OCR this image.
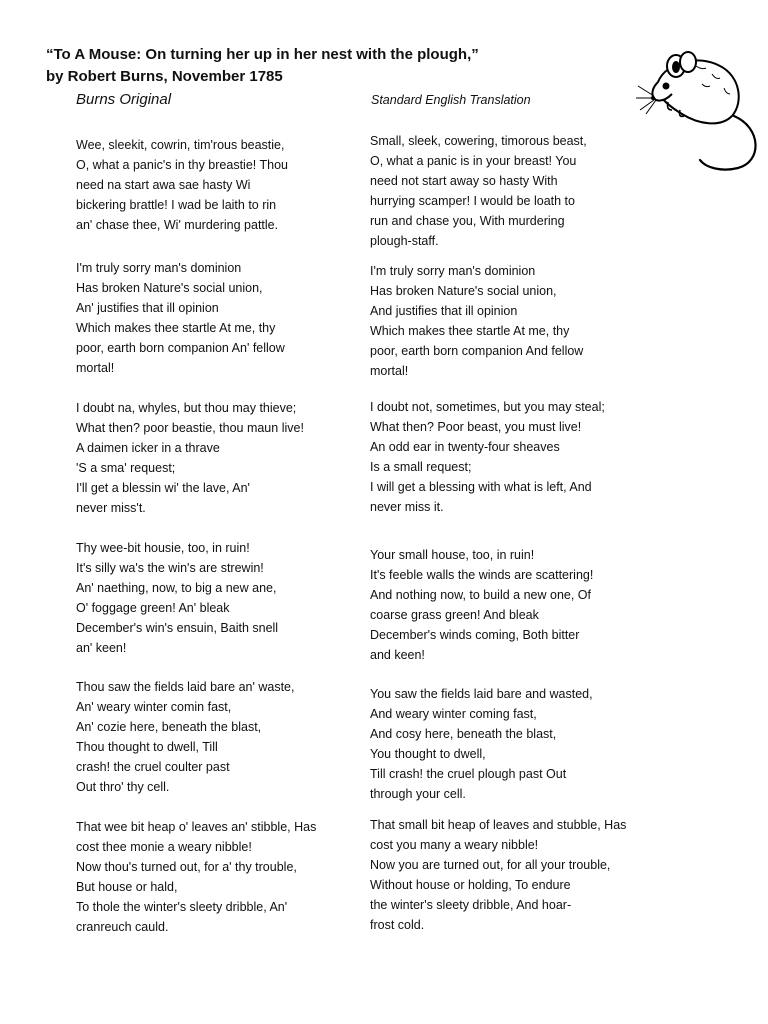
“To A Mouse: On turning her up in her nest with the plough,”
by Robert Burns, November 1785
Burns Original	Standard English Translation
Wee, sleekit, cowrin, tim'rous beastie,
O, what a panic's in thy breastie! Thou
need na start awa sae hasty Wi
bickering brattle! I wad be laith to rin
an' chase thee, Wi' murdering pattle.
I'm truly sorry man's dominion
Has broken Nature's social union,
An' justifies that ill opinion
Which makes thee startle At me, thy
poor, earth born companion An' fellow
mortal!
I doubt na, whyles, but thou may thieve;
What then? poor beastie, thou maun live!
A daimen icker in a thrave
'S a sma' request;
I'll get a blessin wi' the lave, An'
never miss't.
Thy wee-bit housie, too, in ruin!
It's silly wa's the win's are strewin!
An' naething, now, to big a new ane,
O' foggage green! An' bleak
December's win's ensuin, Baith snell
an' keen!
Thou saw the fields laid bare an' waste,
An' weary winter comin fast,
An' cozie here, beneath the blast,
Thou thought to dwell, Till
crash! the cruel coulter past
Out thro' thy cell.
That wee bit heap o' leaves an' stibble, Has
cost thee monie a weary nibble!
Now thou's turned out, for a' thy trouble,
But house or hald,
To thole the winter's sleety dribble, An'
cranreuch cauld.
Small, sleek, cowering, timorous beast,
O, what a panic is in your breast! You
need not start away so hasty With
hurrying scamper! I would be loath to
run and chase you, With murdering
plough-staff.
I'm truly sorry man's dominion
Has broken Nature's social union,
And justifies that ill opinion
Which makes thee startle At me, thy
poor, earth born companion And fellow
mortal!
I doubt not, sometimes, but you may steal;
What then? Poor beast, you must live!
An odd ear in twenty-four sheaves
Is a small request;
I will get a blessing with what is left, And
never miss it.
Your small house, too, in ruin!
It's feeble walls the winds are scattering!
And nothing now, to build a new one, Of
coarse grass green! And bleak
December's winds coming, Both bitter
and keen!
You saw the fields laid bare and wasted,
And weary winter coming fast,
And cosy here, beneath the blast,
You thought to dwell,
Till crash! the cruel plough past Out
through your cell.
That small bit heap of leaves and stubble, Has
cost you many a weary nibble!
Now you are turned out, for all your trouble,
Without house or holding, To endure
the winter's sleety dribble, And hoar-
frost cold.
